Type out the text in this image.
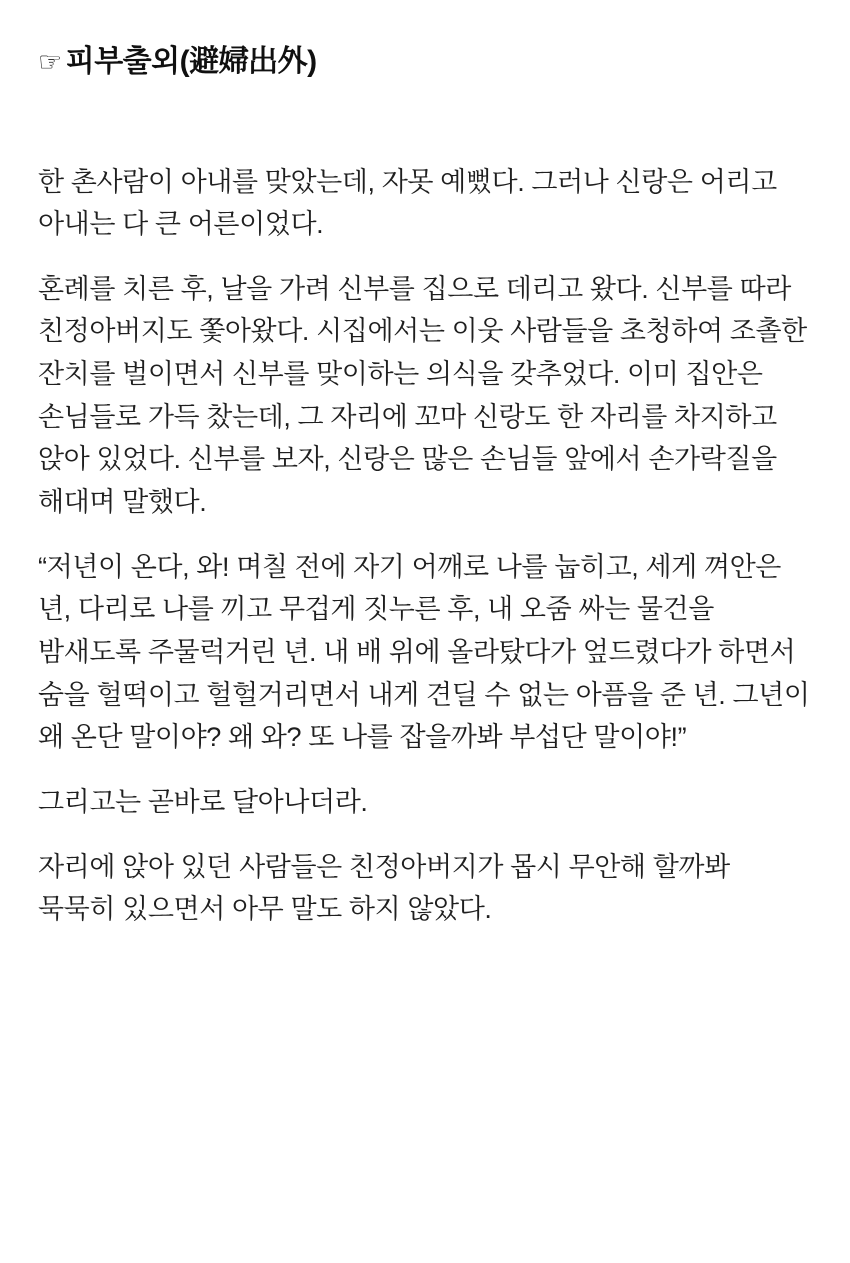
☞ 피부출외(避婦出外)

한 촌사람이 아내를 맞았는데, 자못 예뻤다. 그러나 신랑은 어리고 아내는 다 큰 어른이었다.

혼례를 치른 후, 날을 가려 신부를 집으로 데리고 왔다. 신부를 따라 친정아버지도 쫓아왔다. 시집에서는 이웃 사람들을 초청하여 조촐한 잔치를 벌이면서 신부를 맞이하는 의식을 갖추었다. 이미 집안은 손님들로 가득 찼는데, 그 자리에 꼬마 신랑도 한 자리를 차지하고 앉아 있었다. 신부를 보자, 신랑은 많은 손님들 앞에서 손가락질을 해대며 말했다.

“저년이 온다, 와! 며칠 전에 자기 어깨로 나를 눕히고, 세게 껴안은 년, 다리로 나를 끼고 무겁게 짓누른 후, 내 오줌 싸는 물건을 밤새도록 주물럭거린 년. 내 배 위에 올라탔다가 엎드렸다가 하면서 숨을 헐떡이고 헐헐거리면서 내게 견딜 수 없는 아픔을 준 년. 그년이 왜 온단 말이야? 왜 와? 또 나를 잡을까봐 부섭단 말이야!”

그리고는 곧바로 달아나더라.

자리에 앉아 있던 사람들은 친정아버지가 몹시 무안해 할까봐 묵묵히 있으면서 아무 말도 하지 않았다.
